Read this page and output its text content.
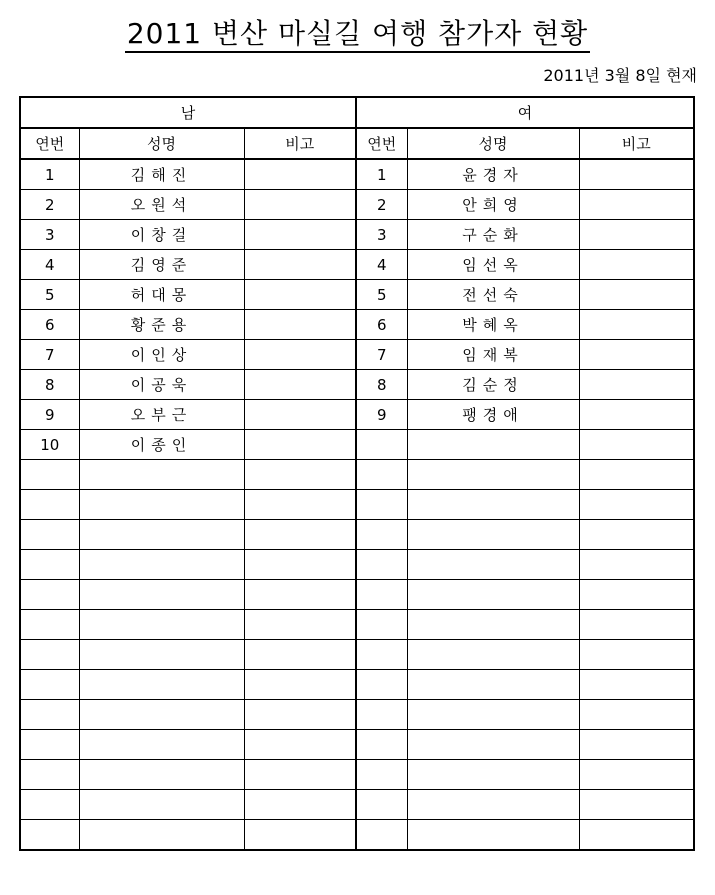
2011 변산 마실길 여행 참가자 현황
2011년 3월 8일 현재
남			여		
연번	성명	비고	연번	성명	비고
1	김해진		1	윤경자	
2	오원석		2	안희영	
3	이창걸		3	구순화	
4	김영준		4	임선옥	
5	허대몽		5	전선숙	
6	황준용		6	박혜옥	
7	이인상		7	임재복	
8	이공욱		8	김순정	
9	오부근		9	팽경애	
10	이종인				
